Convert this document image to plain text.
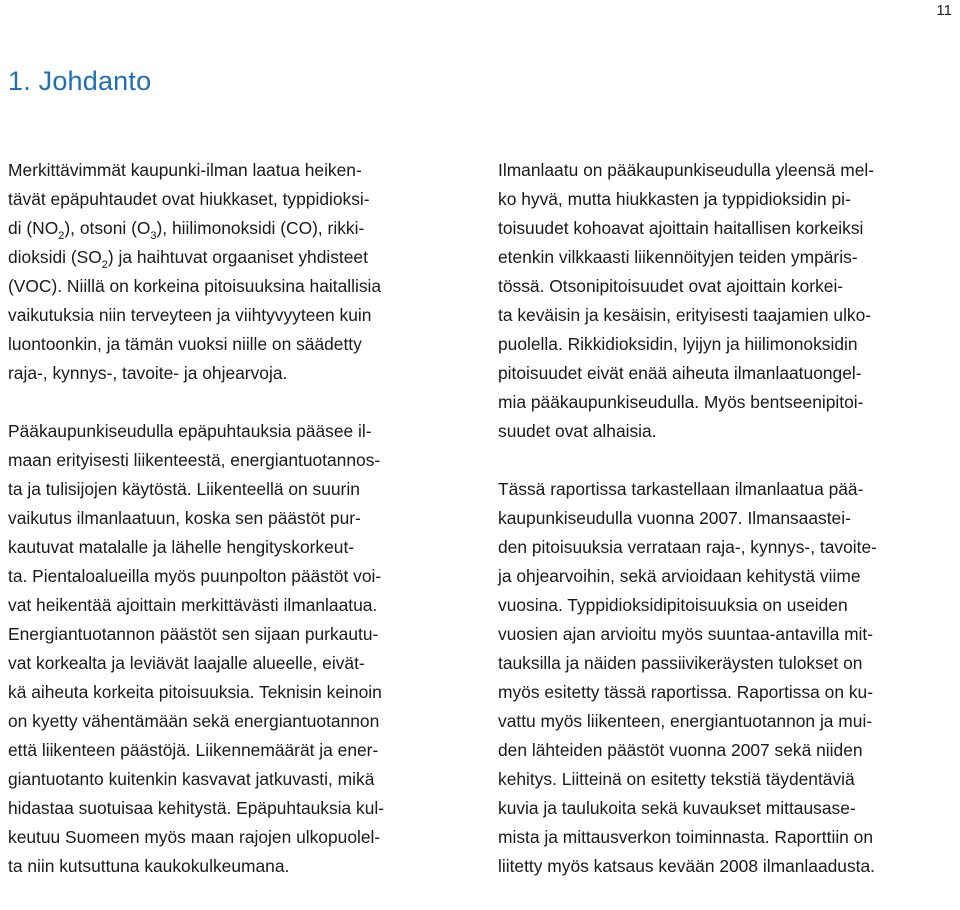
11
1. Johdanto

Merkittävimmät kaupunki-ilman laatua heiken-
tävät epäpuhtaudet ovat hiukkaset, typpidioksi-
di $(NO_2)$, otsoni $(O_3)$, hiilimonoksidi (CO), rikki-
dioksidi $(SO_2)$ ja haihtuvat orgaaniset yhdisteet
(VOC). Niillä on korkeina pitoisuuksina haitallisia
vaikutuksia niin terveyteen ja viihtyvyyteen kuin
luontoonkin, ja tämän vuoksi niille on säädetty
raja-, kynnys-, tavoite- ja ohjearvoja.

Pääkaupunkiseudulla epäpuhtauksia pääsee il-
maan erityisesti liikenteestä, energiantuotannos-
ta ja tulisijojen käytöstä. Liikenteellä on suurin
vaikutus ilmanlaatuun, koska sen päästöt pur-
kautuvat matalalle ja lähelle hengityskorkeut-
ta. Pientaloalueilla myös puunpolton päästöt voi-
vat heikentää ajoittain merkittävästi ilmanlaatua.
Energiantuotannon päästöt sen sijaan purkautu-
vat korkealta ja leviävät laajalle alueelle, eivät-
kä aiheuta korkeita pitoisuuksia. Teknisin keinoin
on kyetty vähentämään sekä energiantuotannon
että liikenteen päästöjä. Liikennemäärät ja ener-
giantuotanto kuitenkin kasvavat jatkuvasti, mikä
hidastaa suotuisaa kehitystä. Epäpuhtauksia kul-
keutuu Suomeen myös maan rajojen ulkopuolel-
ta niin kutsuttuna kaukokulkeumana.

Ilmanlaatu on pääkaupunkiseudulla yleensä mel-
ko hyvä, mutta hiukkasten ja typpidioksidin pi-
toisuudet kohoavat ajoittain haitallisen korkeiksi
etenkin vilkkaasti liikennöityjen teiden ympäris-
tössä. Otsonipitoisuudet ovat ajoittain korkei-
ta keväisin ja kesäisin, erityisesti taajamien ulko-
puolella. Rikkidioksidin, lyijyn ja hiilimonoksidin
pitoisuudet eivät enää aiheuta ilmanlaatuongel-
mia pääkaupunkiseudulla. Myös bentseenipitoi-
suudet ovat alhaisia.

Tässä raportissa tarkastellaan ilmanlaatua pää-
kaupunkiseudulla vuonna 2007. Ilmansaastei-
den pitoisuuksia verrataan raja-, kynnys-, tavoite-
ja ohjearvoihin, sekä arvioidaan kehitystä viime
vuosina. Typpidioksidipitoisuuksia on useiden
vuosien ajan arvioitu myös suuntaa-antavilla mit-
tauksilla ja näiden passiivikeräysten tulokset on
myös esitetty tässä raportissa. Raportissa on ku-
vattu myös liikenteen, energiantuotannon ja mui-
den lähteiden päästöt vuonna 2007 sekä niiden
kehitys. Liitteinä on esitetty tekstiä täydentäviä
kuvia ja taulukoita sekä kuvaukset mittausase-
mista ja mittausverkon toiminnasta. Raporttiin on
liitetty myös katsaus kevään 2008 ilmanlaadusta.
